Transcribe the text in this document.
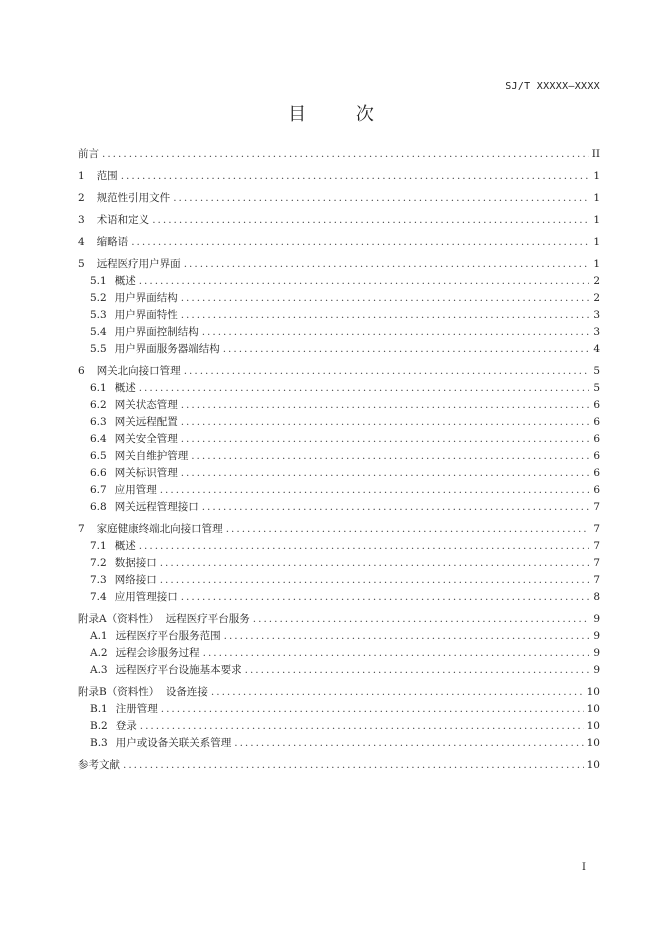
SJ/T XXXXX—XXXX
目 次
前言 .....	II
1 范围 .....	1
2 规范性引用文件 .....	1
3 术语和定义 .....	1
4 缩略语 .....	1
5 远程医疗用户界面 .....	1
5.1 概述 .....	2
5.2 用户界面结构 .....	2
5.3 用户界面特性 .....	3
5.4 用户界面控制结构 .....	3
5.5 用户界面服务器端结构 .....	4
6 网关北向接口管理 .....	5
6.1 概述 .....	5
6.2 网关状态管理 .....	6
6.3 网关远程配置 .....	6
6.4 网关安全管理 .....	6
6.5 网关自维护管理 .....	6
6.6 网关标识管理 .....	6
6.7 应用管理 .....	6
6.8 网关远程管理接口 .....	7
7 家庭健康终端北向接口管理 .....	7
7.1 概述 .....	7
7.2 数据接口 .....	7
7.3 网络接口 .....	7
7.4 应用管理接口 .....	8
附录A（资料性）  远程医疗平台服务 .....	9
A.1 远程医疗平台服务范围 .....	9
A.2 远程会诊服务过程 .....	9
A.3 远程医疗平台设施基本要求 .....	9
附录B（资料性）  设备连接 .....	10
B.1 注册管理 .....	10
B.2 登录 .....	10
B.3 用户或设备关联关系管理 .....	10
参考文献 .....	10
I
